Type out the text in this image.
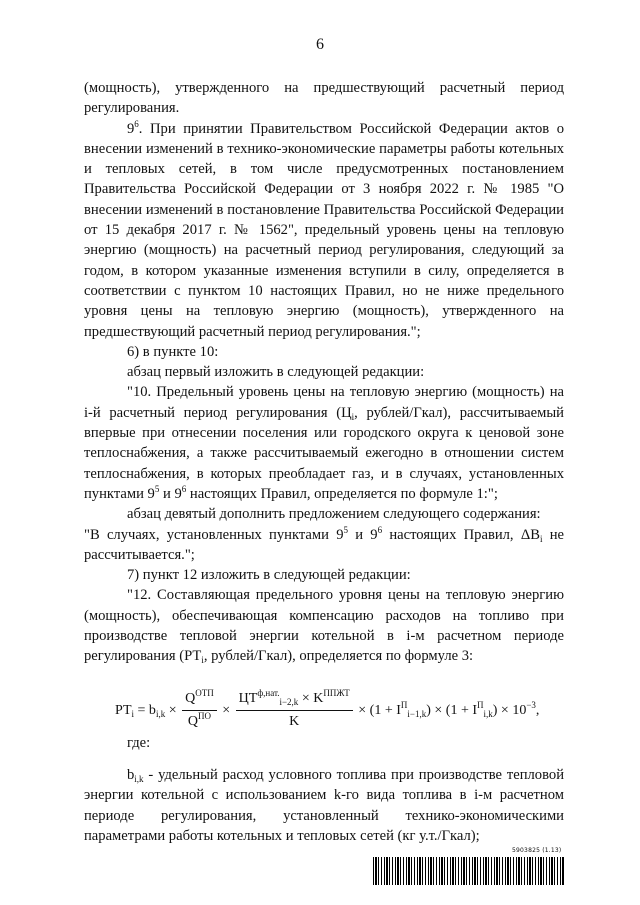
6

(мощность), утвержденного на предшествующий расчетный период регулирования.

$9^6$. При принятии Правительством Российской Федерации актов о внесении изменений в технико-экономические параметры работы котельных и тепловых сетей, в том числе предусмотренных постановлением Правительства Российской Федерации от 3 ноября 2022 г. № 1985 "О внесении изменений в постановление Правительства Российской Федерации от 15 декабря 2017 г. № 1562", предельный уровень цены на тепловую энергию (мощность) на расчетный период регулирования, следующий за годом, в котором указанные изменения вступили в силу, определяется в соответствии с пунктом 10 настоящих Правил, но не ниже предельного уровня цены на тепловую энергию (мощность), утвержденного на предшествующий расчетный период регулирования.";

6) в пункте 10:

абзац первый изложить в следующей редакции:

"10. Предельный уровень цены на тепловую энергию (мощность) на i-й расчетный период регулирования ($Ц_i$, рублей/Гкал), рассчитываемый впервые при отнесении поселения или городского округа к ценовой зоне теплоснабжения, а также рассчитываемый ежегодно в отношении систем теплоснабжения, в которых преобладает газ, и в случаях, установленных пунктами $9^5$ и $9^6$ настоящих Правил, определяется по формуле 1:";

абзац девятый дополнить предложением следующего содержания:

"В случаях, установленных пунктами $9^5$ и $9^6$ настоящих Правил, $\Delta B_i$ не рассчитывается.";

7) пункт 12 изложить в следующей редакции:

"12. Составляющая предельного уровня цены на тепловую энергию (мощность), обеспечивающая компенсацию расходов на топливо при производстве тепловой энергии котельной в i-м расчетном периоде регулирования ($РТ_i$, рублей/Гкал), определяется по формуле 3:

$РТ_i = b_{i,k} \times \frac{Q^{ОТП}}{Q^{ПО}} \times \frac{ЦТ^{ф,нат.}_{i-2,k} \times K^{ППЖТ}}{K} \times (1 + I^П_{i-1,k}) \times (1 + I^П_{i,k}) \times 10^{-3}$,

где:

$b_{i,k}$ - удельный расход условного топлива при производстве тепловой энергии котельной с использованием k-го вида топлива в i-м расчетном периоде регулирования, установленный технико-экономическими параметрами работы котельных и тепловых сетей (кг у.т./Гкал);

5903825 (1.13)
